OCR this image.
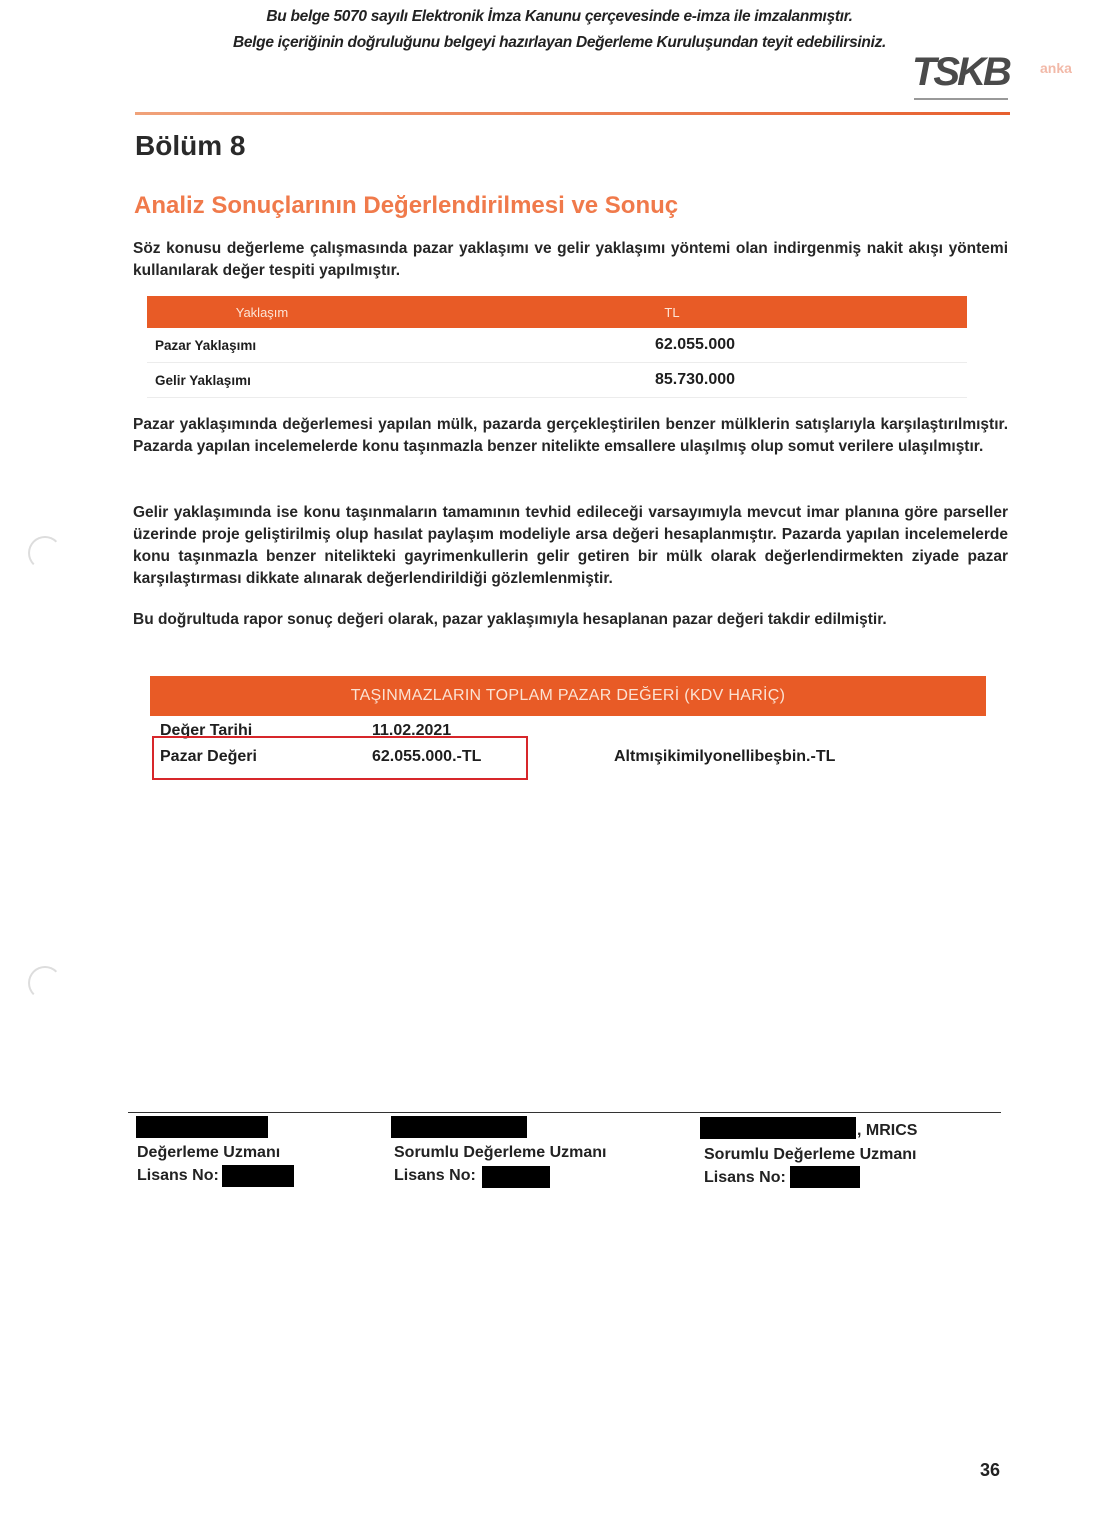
Bu belge 5070 sayılı Elektronik İmza Kanunu çerçevesinde e-imza ile imzalanmıştır.
Belge içeriğinin doğruluğunu belgeyi hazırlayan Değerleme Kuruluşundan teyit edebilirsiniz.
TSKB anka
Bölüm 8
Analiz Sonuçlarının Değerlendirilmesi ve Sonuç
Söz konusu değerleme çalışmasında pazar yaklaşımı ve gelir yaklaşımı yöntemi olan indirgenmiş nakit akışı yöntemi kullanılarak değer tespiti yapılmıştır.
Yaklaşım	TL
Pazar Yaklaşımı	62.055.000
Gelir Yaklaşımı	85.730.000
Pazar yaklaşımında değerlemesi yapılan mülk, pazarda gerçekleştirilen benzer mülklerin satışlarıyla karşılaştırılmıştır. Pazarda yapılan incelemelerde konu taşınmazla benzer nitelikte emsallere ulaşılmış olup somut verilere ulaşılmıştır.
Gelir yaklaşımında ise konu taşınmaların tamamının tevhid edileceği varsayımıyla mevcut imar planına göre parseller üzerinde proje geliştirilmiş olup hasılat paylaşım modeliyle arsa değeri hesaplanmıştır. Pazarda yapılan incelemelerde konu taşınmazla benzer nitelikteki gayrimenkullerin gelir getiren bir mülk olarak değerlendirmekten ziyade pazar karşılaştırması dikkate alınarak değerlendirildiği gözlemlenmiştir.
Bu doğrultuda rapor sonuç değeri olarak, pazar yaklaşımıyla hesaplanan pazar değeri takdir edilmiştir.
TAŞINMAZLARIN TOPLAM PAZAR DEĞERİ (KDV HARİÇ)
Değer Tarihi	11.02.2021
Pazar Değeri	62.055.000.-TL	Altmışikimilyonellibeşbin.-TL
Değerleme Uzmanı
Lisans No:
Sorumlu Değerleme Uzmanı
Lisans No:
, MRICS
Sorumlu Değerleme Uzmanı
Lisans No:
36
